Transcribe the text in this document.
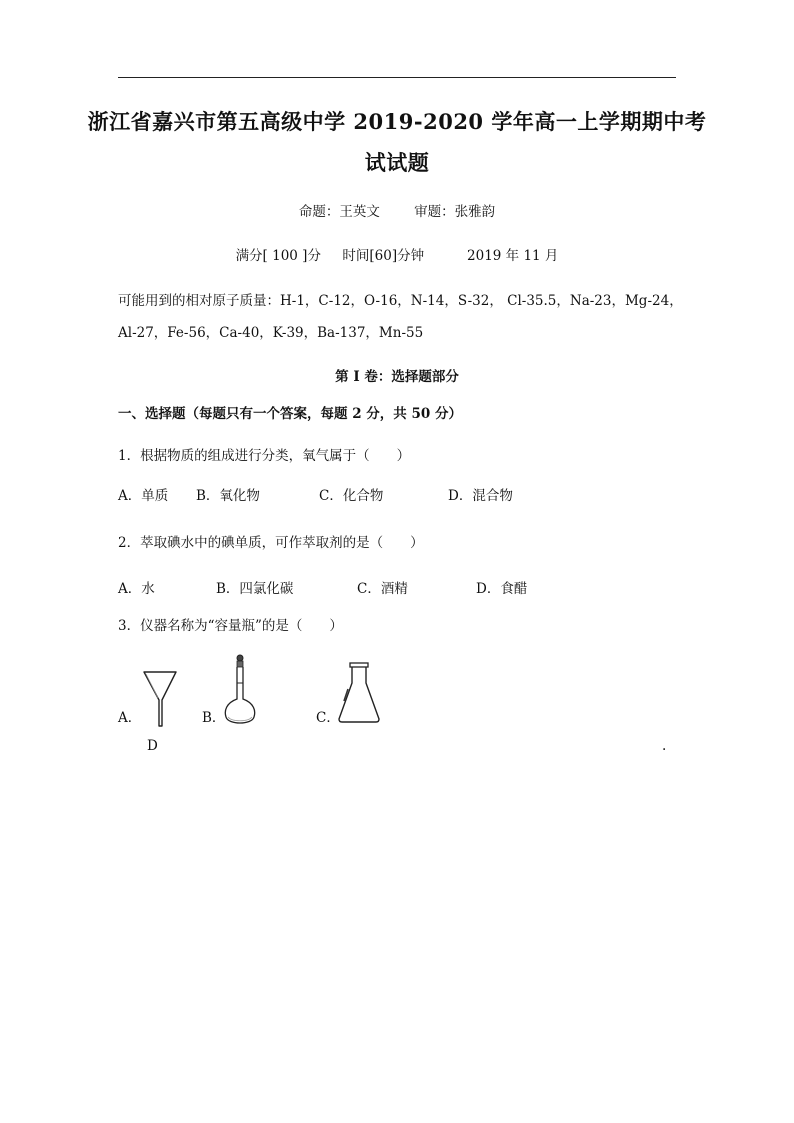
浙江省嘉兴市第五高级中学 2019-2020 学年高一上学期期中考
试试题
命题：王英文        审题：张雅韵
满分[ 100 ]分     时间[60]分钟          2019 年 11 月
可能用到的相对原子质量：H-1，C-12，O-16，N-14，S-32， Cl-35.5，Na-23，Mg-24，
Al-27，Fe-56，Ca-40，K-39，Ba-137，Mn-55
第 I 卷：选择题部分
一、选择题（每题只有一个答案，每题 2 分，共 50 分）
1．根据物质的组成进行分类，氧气属于（　　）
A．单质 B．氧化物	C．化合物	D．混合物
2．萃取碘水中的碘单质，可作萃取剂的是（　　）
A．水	B．四氯化碳	C．酒精	D．食醋
3．仪器名称为“容量瓶”的是（　　）
A．	B．	C．
D	.
